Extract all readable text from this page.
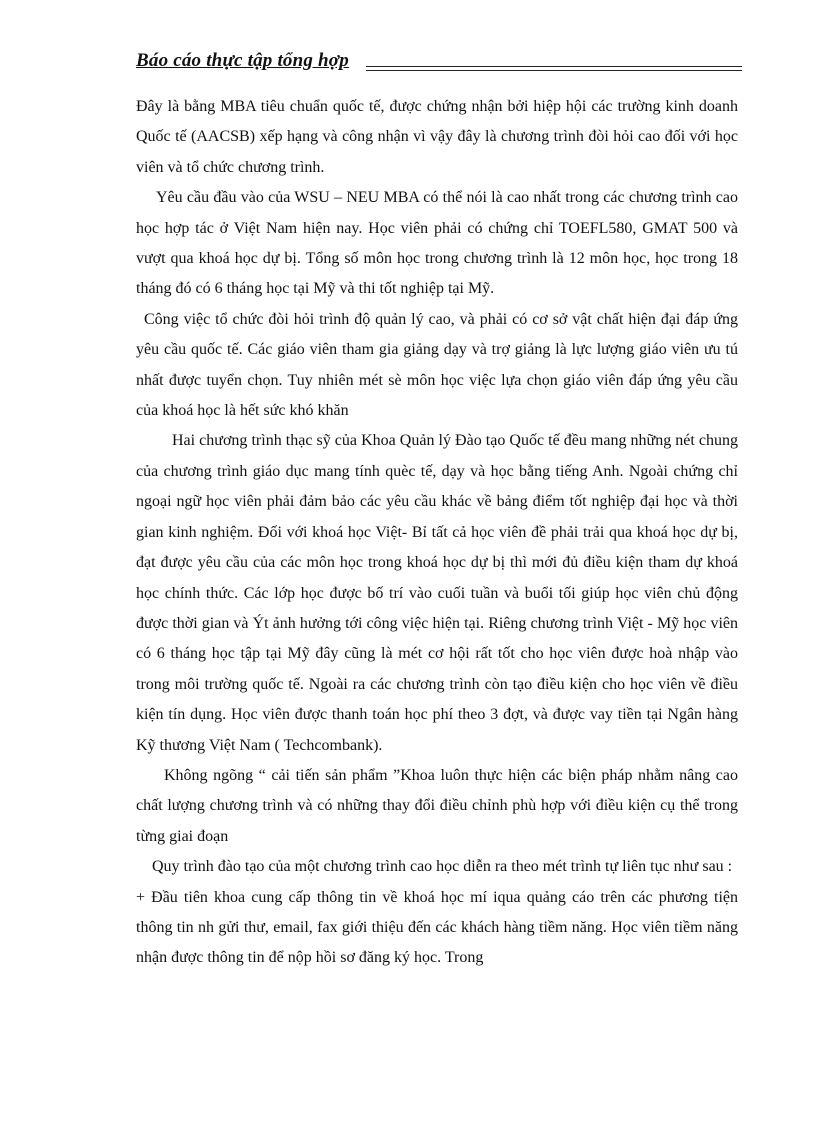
Báo cáo thực tập tổng hợp

Đây là bằng MBA tiêu chuẩn quốc tế, được chứng nhận bởi hiệp hội các trường kinh doanh Quốc tế (AACSB) xếp hạng và công nhận vì vậy đây là chương trình đòi hỏi cao đối với học viên và tổ chức chương trình.

Yêu cầu đầu vào của WSU – NEU MBA có thể nói là cao nhất trong các chương trình cao học hợp tác ở Việt Nam hiện nay. Học viên phải có chứng chỉ TOEFL580, GMAT 500 và vượt qua khoá học dự bị. Tổng số môn học trong chương trình là 12 môn học, học trong 18 tháng đó có 6 tháng học tại Mỹ và thi tốt nghiệp tại Mỹ.

Công việc tổ chức đòi hỏi trình độ quản lý cao, và phải có cơ sở vật chất hiện đại đáp ứng yêu cầu quốc tế. Các giáo viên tham gia giảng dạy và trợ giảng là lực lượng giáo viên ưu tú nhất được tuyển chọn. Tuy nhiên mét sè môn học việc lựa chọn giáo viên đáp ứng yêu cầu của khoá học là hết sức khó khăn

Hai chương trình thạc sỹ của Khoa Quản lý Đào tạo Quốc tế đều mang những nét chung của chương trình giáo dục mang tính quèc tế, dạy và học bằng tiếng Anh. Ngoài chứng chỉ ngoại ngữ học viên phải đảm bảo các yêu cầu khác về bảng điểm tốt nghiệp đại học và thời gian kinh nghiệm. Đối với khoá học Việt- Bỉ tất cả học viên đề phải trải qua khoá học dự bị, đạt được yêu cầu của các môn học trong khoá học dự bị thì mới đủ điều kiện tham dự khoá học chính thức. Các lớp học được bố trí vào cuối tuần và buổi tối giúp học viên chủ động được thời gian và Ýt ảnh hưởng tới công việc hiện tại. Riêng chương trình Việt - Mỹ học viên có 6 tháng học tập tại Mỹ đây cũng là mét cơ hội rất tốt cho học viên được hoà nhập vào trong môi trường quốc tế. Ngoài ra các chương trình còn tạo điều kiện cho học viên về điều kiện tín dụng. Học viên được thanh toán học phí theo 3 đợt, và được vay tiền tại Ngân hàng Kỹ thương Việt Nam ( Techcombank).

Không ngõng “ cải tiến sản phẩm ”Khoa luôn thực hiện các biện pháp nhằm nâng cao chất lượng chương trình và có những thay đổi điều chỉnh phù hợp với điều kiện cụ thể trong từng giai đoạn

Quy trình đào tạo của một chương trình cao học diễn ra theo mét trình tự liên tục như sau :

+ Đầu tiên khoa cung cấp thông tin về khoá học mí iqua quảng cáo trên các phương tiện thông tin nh gửi thư, email, fax giới thiệu đến các khách hàng tiềm năng. Học viên tiềm năng nhận được thông tin để nộp hồi sơ đăng ký học. Trong
